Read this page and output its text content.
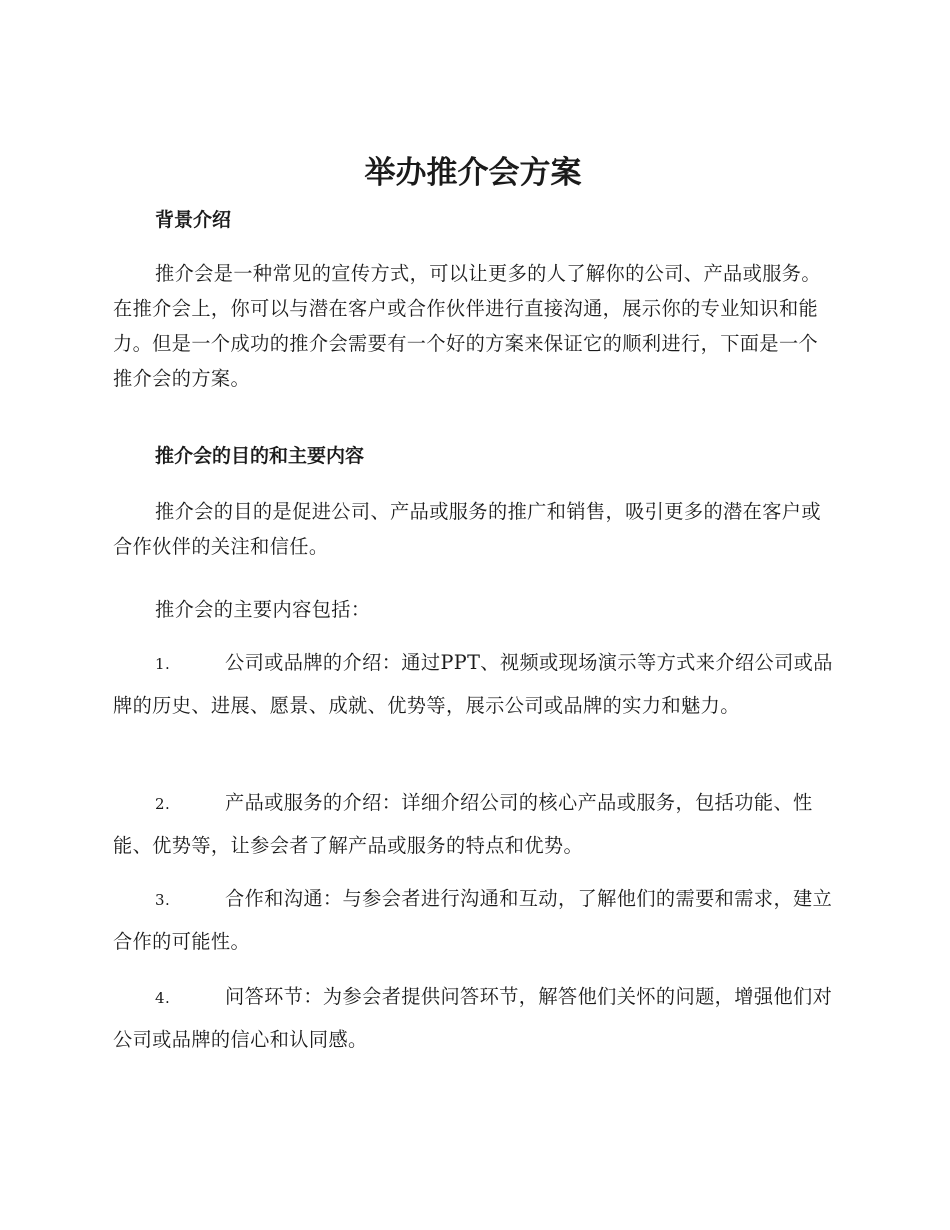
举办推介会方案
背景介绍

推介会是一种常见的宣传方式，可以让更多的人了解你的公司、产品或服务。在推介会上，你可以与潜在客户或合作伙伴进行直接沟通，展示你的专业知识和能力。但是一个成功的推介会需要有一个好的方案来保证它的顺利进行，下面是一个推介会的方案。

推介会的目的和主要内容

推介会的目的是促进公司、产品或服务的推广和销售，吸引更多的潜在客户或合作伙伴的关注和信任。

推介会的主要内容包括：

1.	公司或品牌的介绍：通过PPT、视频或现场演示等方式来介绍公司或品牌的历史、进展、愿景、成就、优势等，展示公司或品牌的实力和魅力。

2.	产品或服务的介绍：详细介绍公司的核心产品或服务，包括功能、性能、优势等，让参会者了解产品或服务的特点和优势。

3.	合作和沟通：与参会者进行沟通和互动，了解他们的需要和需求，建立合作的可能性。

4.	问答环节：为参会者提供问答环节，解答他们关怀的问题，增强他们对公司或品牌的信心和认同感。
